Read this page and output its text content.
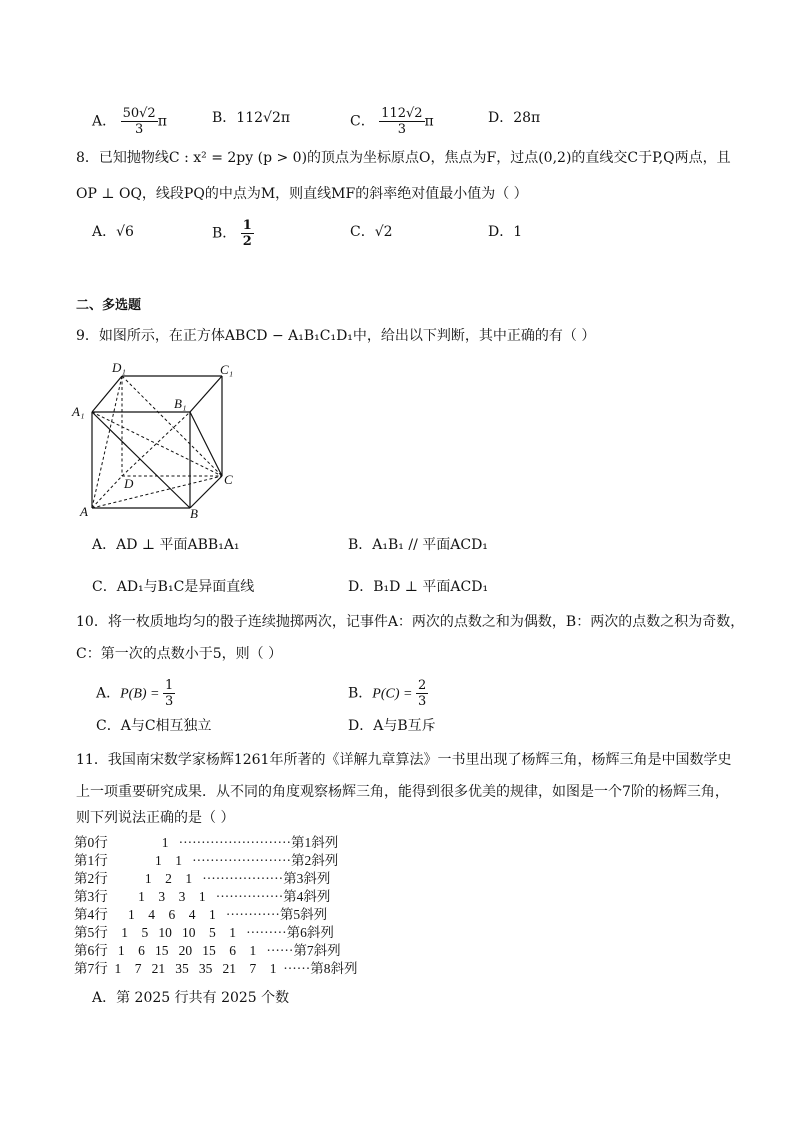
A． $\frac{50√2}{3}$ π	B．112√2π	C． $\frac{112√2}{3}$ π	D．28π
8．已知抛物线C : x² = 2py (p > 0)的顶点为坐标原点O，焦点为F，过点(0,2)的直线交C于P,Q两点，且
OP ⊥ OQ，线段PQ的中点为M，则直线MF的斜率绝对值最小值为（ ）
A．√6	B． $\frac{1}{2}$	C．√2	D．1
二、多选题
9．如图所示，在正方体ABCD − A₁B₁C₁D₁中，给出以下判断，其中正确的有（ ）
D₁	C₁
A₁
B₁
D	C
A	B
A．AD ⊥ 平面ABB₁A₁	B．A₁B₁ // 平面ACD₁
C．AD₁与B₁C是异面直线	D．B₁D ⊥ 平面ACD₁
10．将一枚质地均匀的骰子连续抛掷两次，记事件A：两次的点数之和为偶数，B：两次的点数之积为奇数，
C：第一次的点数小于5，则（ ）
A．$P(B) = \frac{1}{3}$	B．$P(C) = \frac{2}{3}$
C．A与C相互独立	D．A与B互斥
11．我国南宋数学家杨辉1261年所著的《详解九章算法》一书里出现了杨辉三角，杨辉三角是中国数学史
上一项重要研究成果．从不同的角度观察杨辉三角，能得到很多优美的规律，如图是一个7阶的杨辉三角，
则下列说法正确的是（ ）
第0行                1   ·························第1斜列
第1行              1    1   ······················第2斜列
第2行           1    2    1   ··················第3斜列
第3行         1    3    3    1   ···············第4斜列
第4行      1    4    6    4    1   ············第5斜列
第5行    1    5   10   10    5    1   ·········第6斜列
第6行   1    6   15   20   15    6    1   ······第7斜列
第7行  1    7   21   35   35   21    7    1  ······第8斜列
A．第 2025 行共有 2025 个数
